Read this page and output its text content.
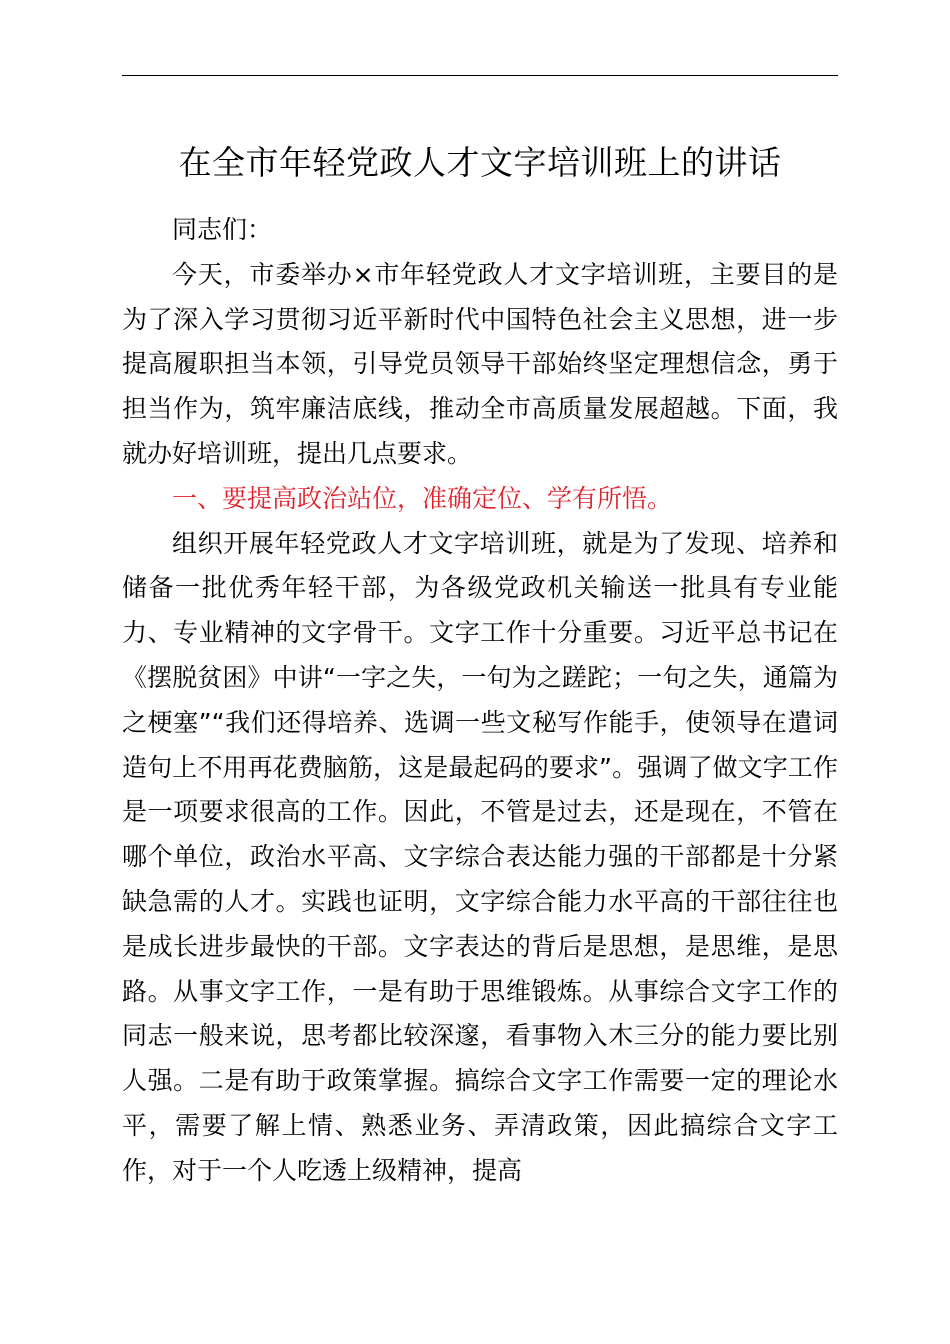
在全市年轻党政人才文字培训班上的讲话

同志们：

今天，市委举办×市年轻党政人才文字培训班，主要目的是为了深入学习贯彻习近平新时代中国特色社会主义思想，进一步提高履职担当本领，引导党员领导干部始终坚定理想信念，勇于担当作为，筑牢廉洁底线，推动全市高质量发展超越。下面，我就办好培训班，提出几点要求。

一、要提高政治站位，准确定位、学有所悟。

组织开展年轻党政人才文字培训班，就是为了发现、培养和储备一批优秀年轻干部，为各级党政机关输送一批具有专业能力、专业精神的文字骨干。文字工作十分重要。习近平总书记在《摆脱贫困》中讲“一字之失，一句为之蹉跎；一句之失，通篇为之梗塞”“我们还得培养、选调一些文秘写作能手，使领导在遣词造句上不用再花费脑筋，这是最起码的要求”。强调了做文字工作是一项要求很高的工作。因此，不管是过去，还是现在，不管在哪个单位，政治水平高、文字综合表达能力强的干部都是十分紧缺急需的人才。实践也证明，文字综合能力水平高的干部往往也是成长进步最快的干部。文字表达的背后是思想，是思维，是思路。从事文字工作，一是有助于思维锻炼。从事综合文字工作的同志一般来说，思考都比较深邃，看事物入木三分的能力要比别人强。二是有助于政策掌握。搞综合文字工作需要一定的理论水平，需要了解上情、熟悉业务、弄清政策，因此搞综合文字工作，对于一个人吃透上级精神，提高
